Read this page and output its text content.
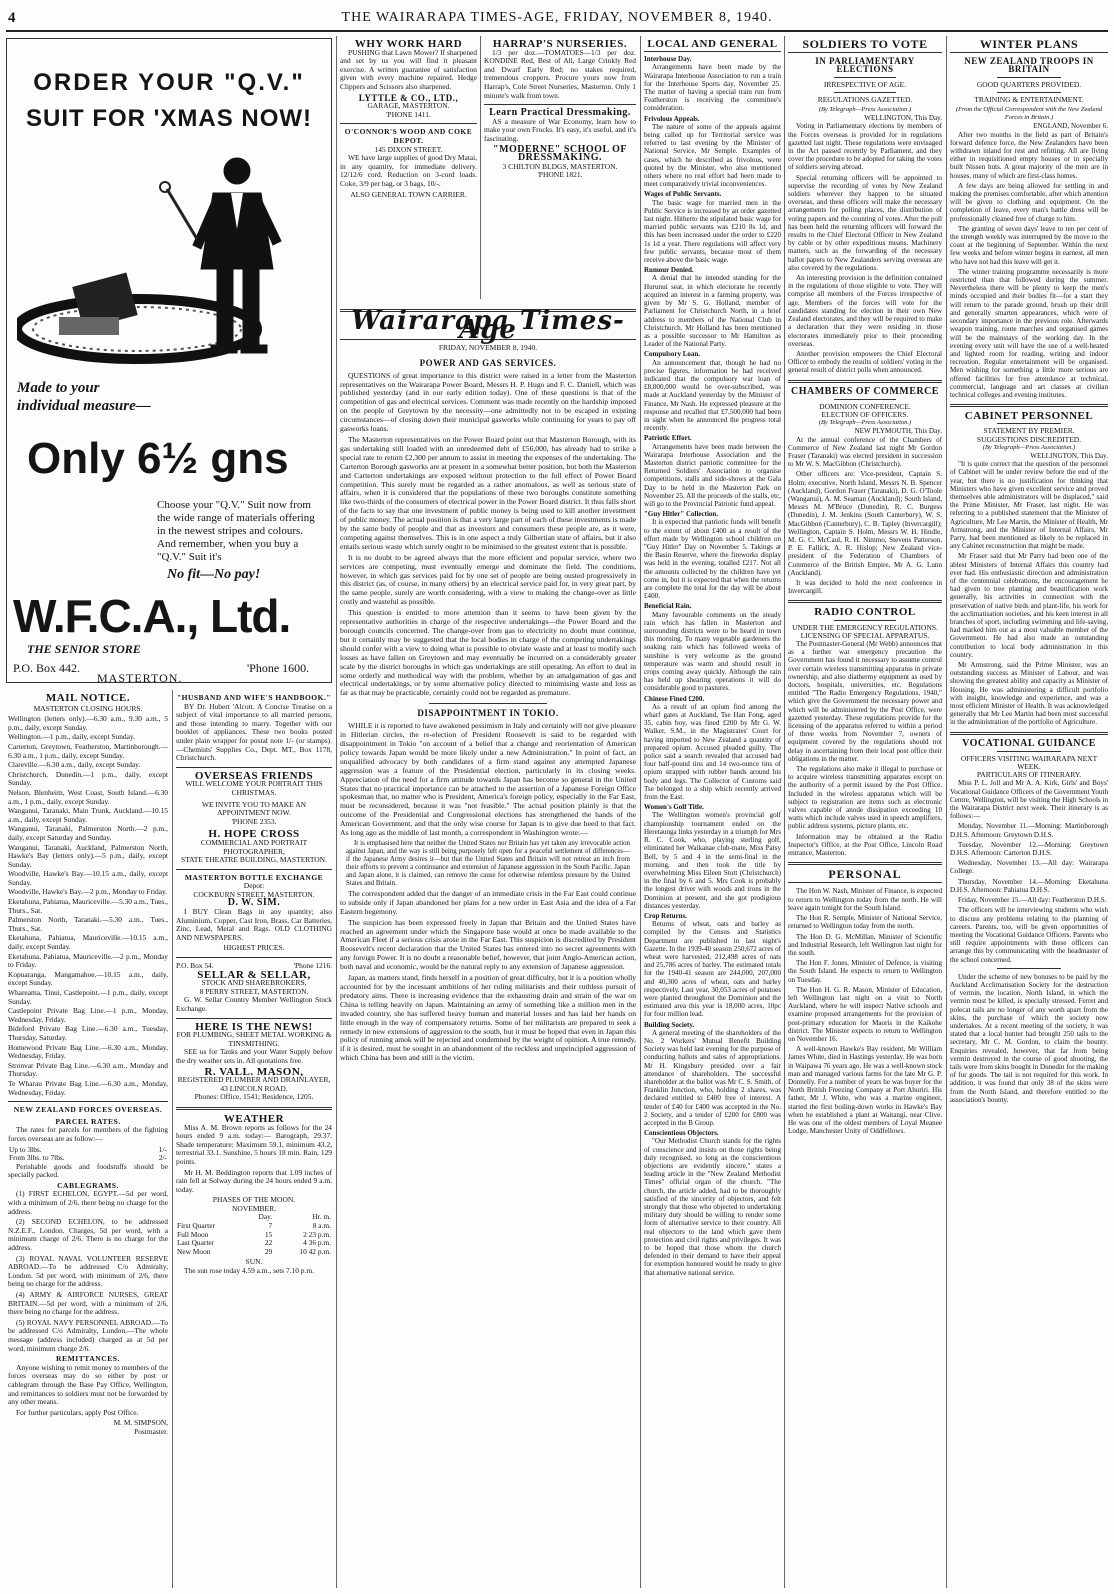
4	THE WAIRARAPA TIMES-AGE, FRIDAY, NOVEMBER 8, 1940.
ORDER YOUR "Q.V."
SUIT FOR 'XMAS NOW!
Made to your individual measure—
Only 6½ gns
Choose your "Q.V." Suit now from the wide range of materials offering in the newest stripes and colours. And remember, when you buy a "Q.V." Suit it's
No fit—No pay!
W.F.C.A., Ltd.
THE SENIOR STORE
P.O. Box 442.	'Phone 1600.
MASTERTON.
MAIL NOTICE.
MASTERTON CLOSING HOURS.

Wellington (letters only).—6.30 a.m., 9.30 a.m., 5 p.m., daily, except Sunday.

Wellington.—1 p.m., daily, except Sunday.

Carterton, Greytown, Featherston, Martinborough.—6.30 a.m., 1 p.m., daily, except Sunday.

Clareville.—6.30 a.m., daily, except Sunday.

Christchurch, Dunedin.—1 p.m., daily, except Sunday.

Nelson, Blenheim, West Coast, South Island.—6.30 a.m., 1 p.m., daily, except Sunday.

Wanganui, Taranaki, Main Trunk, Auckland.—10.15 a.m., daily, except Sunday.

Wanganui, Taranaki, Palmerston North.—2 p.m., daily, except Saturday and Sunday.

Wanganui, Taranaki, Auckland, Palmerston North, Hawke's Bay (letters only).—5 p.m., daily, except Sunday.

Woodville, Hawke's Bay.—10.15 a.m., daily, except Sunday.

Woodville, Hawke's Bay.—2 p.m., Monday to Friday.

Eketahuna, Pahiatua, Mauriceville.—5.30 a.m., Tues., Thurs., Sat.

Palmerston North, Taranaki.—5.30 a.m., Tues., Thurs., Sat.

Eketahuna, Pahiatua, Mauriceville.—10.15 a.m., daily, except Sunday.

Eketahuna, Pahiatua, Mauriceville.—2 p.m., Monday to Friday.

Kopuaranga, Mangamahoe.—10.15 a.m., daily, except Sunday.

Whareama, Tinui, Castlepoint.—1 p.m., daily, except Sunday.

Castlepoint Private Bag Line.—1 p.m., Monday, Wednesday, Friday.

Bideford Private Bag Line.—6.30 a.m., Tuesday, Thursday, Saturday.

Homewood Private Bag Line.—6.30 a.m., Monday, Wednesday, Friday.

Stronvar Private Bag Line.—6.30 a.m., Monday and Thursday.

Te Wharau Private Bag Line.—6.30 a.m., Monday, Wednesday, Friday.

NEW ZEALAND FORCES OVERSEAS.
PARCEL RATES.

The rates for parcels for members of the fighting forces overseas are as follow:—

Up to 3lbs.	1/-
From 3lbs. to 7lbs.	2/-

Perishable goods and foodstuffs should be specially packed.

CABLEGRAMS.

(1) FIRST ECHELON, EGYPT.—5d per word, with a minimum of 2/6, there being no charge for the address.

(2) SECOND ECHELON, to be addressed N.Z.E.F., London. Charges, 5d per word, with a minimum charge of 2/6. There is no charge for the address.

(3) ROYAL NAVAL VOLUNTEER RESERVE ABROAD.—To be addressed C/o Admiralty, London. 5d per word, with minimum of 2/6, there being no charge for the address.

(4) ARMY & AIRFORCE NURSES, GREAT BRITAIN.—5d per word, with a minimum of 2/6, there being no charge for the address.

(5) ROYAL NAVY PERSONNEL ABROAD.—To be addressed C/o Admiralty, London.—The whole message (address included) charged as at 5d per word, minimum charge 2/6.

REMITTANCES.

Anyone wishing to remit money to members of the forces overseas may do so either by post or cablegram through the Base Pay Office, Wellington, and remittances to soldiers must not be forwarded by any other means.

For further particulars, apply Post Office.

M. M. SIMPSON,
Postmaster.
"HUSBAND AND WIFE'S HANDBOOK."

BY Dr. Hubert 'Alcott. A Concise Treatise on a subject of vital importance to all married persons, and those intending to marry. Together with our booklet of appliances. These two books posted under plain wrapper for postal note 1/- (or stamps).—Chemists' Supplies Co., Dept. MT., Box 1178, Christchurch.

OVERSEAS FRIENDS
WILL WELCOME YOUR PORTRAIT THIS CHRISTMAS.
WE INVITE YOU TO MAKE AN APPOINTMENT NOW.
'PHONE 2353.
H. HOPE CROSS
COMMERCIAL AND PORTRAIT PHOTOGRAPHER,
STATE THEATRE BUILDING, MASTERTON.
MASTERTON BOTTLE EXCHANGE
Depot:
COCKBURN STREET, MASTERTON.
D. W. SIM.

I BUY Clean Bags in any quantity; also Aluminium, Copper, Cast Iron, Brass, Car Batteries, Zinc, Lead, Metal and Rags. OLD CLOTHING AND NEWSPAPERS.

HIGHEST PRICES.
P.O. Box 54.	'Phone 1216.
SELLAR & SELLAR,
STOCK AND SHAREBROKERS,
8 PERRY STREET, MASTERTON.

G. W. Sellar Country Member Wellington Stock Exchange.

HERE IS THE NEWS!
FOR PLUMBING, SHEET METAL WORKING & TINSMITHING.

SEE us for Tanks and your Water Supply before the dry weather sets in. All quotations free.

R. VALL. MASON,
REGISTERED PLUMBER AND DRAINLAYER,
43 LINCOLN ROAD.
Phones: Office, 1541; Residence, 1205.
WEATHER

Miss A. M. Brown reports as follows for the 24 hours ended 9 a.m. today:— Barograph, 29.37. Shade temperature: Maximum 59.1, minimum 43.2, terrestrial 33.1. Sunshine, 5 hours 18 min. Rain, 129 points.

Mr H. M. Beddington reports that 1.09 inches of rain fell at Solway during the 24 hours ended 9 a.m. today.

PHASES OF THE MOON.
NOVEMBER.
	Day.	Hr. m.
First Quarter	7	8 a.m.
Full Moon	15	2 23 p.m.
Last Quarter	22	4 36 p.m.
New Moon	29	10 42 p.m.
SUN.

The sun rose today 4.59 a.m., sets 7.10 p.m.

WHY WORK HARD

PUSHING that Lawn Mower? If sharpened and set by us you will find it pleasant exercise. A written guarantee of satisfaction given with every machine repaired. Hedge Clippers and Scissors also sharpened.

LYTTLE & CO., LTD.,
GARAGE, MASTERTON.
'PHONE 1411.
O'CONNOR'S WOOD AND COKE DEPOT.
145 DIXON STREET.

WE have large supplies of good Dry Matai, in any quantity, for immediate delivery. 12/12/6 cord. Reduction on 3-cord loads. Coke, 3/9 per bag, or 3 bags, 10/-.

ALSO GENERAL TOWN CARRIER.
HARRAP'S NURSERIES.

1/3 per doz.—TOMATOES—1/3 per doz. KONDINE Red, Best of All, Large Crinkly Red and Dwarf Early Red; no stakes required, tremendous croppers. Procure yours now from Harrap's, Cole Street Nurseries, Masterton. Only 1 minute's walk from town.

Learn Practical Dressmaking.

AS a measure of War Economy, learn how to make your own Frocks. It's easy, it's useful, and it's fascinating.

"MODERNE" SCHOOL OF DRESSMAKING.
3 CHILTON BLDGS, MASTERTON.
'PHONE 1821.
Wairarapa Times-Age
FRIDAY, NOVEMBER 8, 1940.
POWER AND GAS SERVICES.

QUESTIONS of great importance to this district were raised in a letter from the Masterton representatives on the Wairarapa Power Board, Messrs H. P. Hugo and F. C. Daniell, which was published yesterday (and in our early edition today). One of these questions is that of the competition of gas and electrical services. Comment was made recently on the hardship imposed on the people of Greytown by the necessity—one admittedly not to be escaped in existing circumstances—of closing down their municipal gasworks while continuing for years to pay off gasworks loans.

The Masterton representatives on the Power Board point out that Masterton Borough, with its gas undertaking still loaded with an unredeemed debt of £56,000, has already had to strike a special rate to return £2,300 per annum to assist in meeting the expenses of the undertaking. The Carterton Borough gasworks are at present in a somewhat better position, but both the Masterton and Carterton undertakings are exposed without protection to the full effect of Power Board competition. This surely must be regarded as a rather anomalous, as well as serious state of affairs, when it is considered that the populations of these two boroughs constitute something like two-thirds of the consumers of electrical power in the Power Board district. It thus falls short of the facts to say that one investment of public money is being used to kill another investment of public money. The actual position is that a very large part of each of these investments is made by the same body of people and that as investors and consumers these people are, as it were, competing against themselves. This is in one aspect a truly Gilbertian state of affairs, but it also entails serious waste which surely ought to be minimised to the greatest extent that is possible.

It is no doubt to be agreed always that the more efficient and popular service, where two services are competing, must eventually emerge and dominate the field. The conditions, however, in which gas services paid for by one set of people are being ousted progressively in this district (as, of course, in many others) by an electrical service paid for, in very great part, by the same people, surely are worth considering, with a view to making the change-over as little costly and wasteful as possible.

This question is entitled to more attention than it seems to have been given by the representative authorities in charge of the respective undertakings—the Power Board and the borough councils concerned. The change-over from gas to electricity no doubt must continue, but it certainly may be suggested that the local bodies in charge of the competing undertakings should confer with a view to doing what is possible to obviate waste and at least to modify such losses as have fallen on Greytown and may eventually be incurred on a considerably greater scale by the district boroughs in which gas undertakings are still operating. An effort to deal in some orderly and methodical way with the problem, whether by an amalgamation of gas and electrical undertakings, or by some alternative policy directed to minimising waste and loss as far as that may be practicable, certainly could not be regarded as premature.

DISAPPOINTMENT IN TOKIO.

WHILE it is reported to have awakened pessimism in Italy and certainly will not give pleasure in Hitlerian circles, the re-election of President Roosevelt is said to be regarded with disappointment in Tokio "on account of a belief that a change and reorientation of American policy towards Japan would be more likely under a new Administration." In point of fact, an unqualified advocacy by both candidates of a firm stand against any attempted Japanese aggression was a feature of the Presidential election, particularly in its closing weeks. Appreciation of the need for a firm attitude towards Japan has become so general in the United States that no practical importance can be attached to the assertion of a Japanese Foreign Office spokesman that, no matter who is President, America's foreign policy, especially in the Far East, must be reconsidered, because it was "not feasible." The actual position plainly is that the outcome of the Presidential and Congressional elections has strengthened the hands of the American Government, and that the only wise course for Japan is to give due heed to that fact. As long ago as the middle of last month, a correspondent in Washington wrote:—

It is emphasised here that neither the United States nor Britain has yet taken any irrevocable action against Japan, and the way is still being purposely left open for a peaceful settlement of differences—if the Japanese Army desires it—but that the United States and Britain will not retreat an inch from their efforts to prevent a continuance and extension of Japanese aggression in the South Pacific. Japan and Japan alone, it is claimed, can remove the cause for otherwise relentless pressure by the United States and Britain.

The correspondent added that the danger of an immediate crisis in the Far East could continue to subside only if Japan abandoned her plans for a new order in East Asia and the idea of a Far Eastern hegemony.

The suspicion has been expressed freely in Japan that Britain and the United States have reached an agreement under which the Singapore base would at once be made available to the American Fleet if a serious crisis arose in the Far East. This suspicion is discredited by President Roosevelt's recent declaration that the United States has entered into no secret agreements with any foreign Power. It is no doubt a reasonable belief, however, that joint Anglo-American action, both naval and economic, would be the natural reply to any extension of Japanese aggression.

Japan, as matters stand, finds herself in a position of great difficulty, but it is a position wholly accounted for by the incessant ambitions of her ruling militarists and their ruthless pursuit of predatory aims. There is increasing evidence that the exhausting drain and strain of the war on China is telling heavily on Japan. Maintaining an army of something like a million men in the invaded country, she has suffered heavy human and material losses and has laid her hands on little enough in the way of compensatory returns. Some of her militarists are prepared to seek a remedy in new extensions of aggression to the south, but it must be hoped that even in Japan this policy of running amok will be rejected and condemned by the weight of opinion. A true remedy, if it is desired, must be sought in an abandonment of the reckless and unprincipled aggression of which China has been and still is the victim.

LOCAL AND GENERAL
Interhouse Day.

Arrangements have been made by the Wairarapa Interhouse Association to run a train for the Interhouse Sports day, November 25. The matter of having a special train run from Featherston is receiving the committee's consideration.

Frivolous Appeals.

The nature of some of the appeals against being called up for Territorial service was referred to last evening by the Minister of National Service, Mr Semple. Examples of cases, which he described as frivolous, were quoted by the Minister, who also mentioned others where no real effort had been made to meet comparatively trivial inconveniences.

Wages of Public Servants.

The basic wage for married men in the Public Service is increased by an order gazetted last night. Hitherto the stipulated basic wage for married public servants was £210 8s 1d, and this has been increased under the order to £220 1s 1d a year. There regulations will affect very few public servants, because most of them receive above the basic wage.

Rumour Denied.

A denial that he intended standing for the Hurunui seat, in which electorate he recently acquired an interest in a farming property, was given by Mr S. G. Holland, member of Parliament for Christchurch North, in a brief address to members of the National Club in Christchurch. Mr Holland has been mentioned as a possible successor to Mr Hamilton as Leader of the National Party.

Compulsory Loan.

An announcement that, though he had no precise figures, information he had received indicated that the compulsory war loan of £8,000,000 would be over-subscribed, was made at Auckland yesterday by the Minister of Finance, Mr Nash. He expressed pleasure at the response and recalled that £7,500,000 had been in sight when he announced the progress total recently.

Patriotic Effort.

Arrangements have been made between the Wairarapa Interhouse Association and the Masterton district patriotic committee for the Returned Soldiers' Association to organise competitions, stalls and side-shows at the Gala Day to be held in the Masterton Park on November 25. All the proceeds of the stalls, etc, will go to the Provincial Patriotic fund appeal.

"Guy Hitler" Collection.

It is expected that patriotic funds will benefit to the extent of about £400 as a result of the effort made by Wellington school children on "Guy Hitler" Day on November 5. Takings at the Basin Reserve, where the fireworks display was held in the evening, totalled £217. Not all the amounts collected by the children have yet come in, but it is expected that when the returns are complete the total for the day will be about £400.

Beneficial Rain.

Many favourable comments on the steady rain which has fallen in Masterton and surrounding districts were to be heard in town this morning. To many vegetable gardeners the soaking rain which has followed weeks of sunshine is very welcome as the ground temperature was warm and should result in crops coming away quickly. Although the rain has held up shearing operations it will do considerable good to pastures.

Chinese Fined £200.

As a result of an opium find among the wharf gates at Auckland, Tse Han Fong, aged 35, cabin boy, was fined £200 by Mr G. W. Walker, S.M., in the Magistrates' Court for having imported to New Zealand a quantity of prepared opium. Accused pleaded guilty. The police said a search revealed that accused had four half-pound tins and 14 two-ounce tins of opium strapped with rubber bands around his body and legs. The Collector of Customs said Tse belonged to a ship which recently arrived from the East.

Women's Golf Title.

The Wellington women's provincial golf championship tournament ended on the Heretaunga links yesterday in a triumph for Mrs R. C. Cook, who, playing sterling golf, eliminated her Waikanae club-mate, Miss Patsy Bell, by 5 and 4 in the semi-final in the morning, and then took the title by overwhelming Miss Eileen Stott (Christchurch) in the final by 6 and 5. Mrs Cook is probably the longest driver with woods and irons in the Dominion at present, and she got prodigious distances yesterday.

Crop Returns.

Returns of wheat, oats and barley as compiled by the Census and Statistics Department are published in last night's Gazette. In the 1939-40 season 250,672 acres of wheat were harvested, 212,498 acres of oats and 25,786 acres of barley. The estimated totals for the 1940-41 season are 244,000, 207,000 and 40,300 acres of wheat, oats and barley respectively. Last year, 30,053 acres of potatoes were planted throughout the Dominion and the estimated area this year is 18,000 acres, 10pc for four million lead.

Building Society.

A general meeting of the shareholders of the No. 2 Workers' Mutual Benefit Building Society was held last evening for the purpose of conducting ballots and sales of appropriations. Mr H. Kingsbury presided over a fair attendance of shareholders. The successful shareholder at the ballot was Mr C. S. Smith, of Franklin Junction, who, holding 2 shares, was declared entitled to £400 free of interest. A tender of £40 for £400 was accepted in the No. 2 Society, and a tender of £200 for £800 was accepted in the B Group.

Conscientious Objectors.

"Our Methodist Church stands for the rights of conscience and insists on those rights being duly recognised, so long as the conscientious objections are evidently sincere," states a leading article in the "New Zealand Methodist Times" official organ of the church. "The church, the article added, had to be thoroughly satisfied of the sincerity of objectors, and felt strongly that those who objected to undertaking military duty should be willing to render some form of alternative service to their country. All real objectors to the land which gave them protection and civil rights and privileges. It was to be hoped that those whom the church defended in their demand to have their appeal for exemption honoured would be ready to give that alternative national service.

SOLDIERS TO VOTE
IN PARLIAMENTARY ELECTIONS
IRRESPECTIVE OF AGE.
REGULATIONS GAZETTED.
(By Telegraph—Press Association.)
WELLINGTON, This Day.

Voting in Parliamentary elections by members of the Forces overseas is provided for in regulations gazetted last night. These regulations were envisaged in the Act passed recently by Parliament, and they cover the procedure to be adopted for taking the votes of soldiers serving abroad.

Special returning officers will be appointed to supervise the recording of votes by New Zealand soldiers wherever they happen to be situated overseas, and these officers will make the necessary arrangements for polling places, the distribution of voting papers and the counting of votes. After the poll has been held the returning officers will forward the results to the Chief Electoral Officer in New Zealand by cable or by other expeditious means. Machinery matters, such as the forwarding of the necessary ballot papers to New Zealanders serving overseas are also covered by the regulations.

An interesting provision is the definition contained in the regulations of those eligible to vote. They will comprise all members of the Forces irrespective of age. Members of the forces will vote for the candidates standing for election in their own New Zealand electorates, and they will be required to make a declaration that they were residing in those electorates immediately prior to their proceeding overseas.

Another provision empowers the Chief Electoral Officer to embody the results of soldiers' voting in the general result of district polls when announced.

CHAMBERS OF COMMERCE
DOMINION CONFERENCE.
ELECTION OF OFFICERS.
(By Telegraph—Press Association.)
NEW PLYMOUTH, This Day.

At the annual conference of the Chambers of Commerce of New Zealand last night Mr Gordon Fraser (Taranaki) was elected president in succession to Mr W. S. MacGibbon (Christchurch).

Other officers are: Vice-president, Captain S. Holm; executive, North Island, Messrs N. B. Spencer (Auckland), Gordon Fraser (Taranaki), D. G. O'Toole (Wanganui), A. M. Seaman (Auckland); South Island, Messrs M. M'Bruce (Dunedin), R. C. Burgess (Dunedin), J. M. Jenkins (South Canterbury), W. S. MacGibbon (Canterbury), C. B. Tapley (Invercargill); Wellington, Captain S. Holm, Messrs W. H. Hindle, M. G. C. McCaul, R. H. Nimmo, Stevens Patterson, P. E. Fallick, A. R. Hislop; New Zealand vice-president of the Federation of Chambers of Commerce of the British Empire, Mr A. G. Lunn (Auckland).

It was decided to hold the next conference in Invercargill.

RADIO CONTROL
UNDER THE EMERGENCY REGULATIONS.
LICENSING OF SPECIAL APPARATUS.

The Postmaster-General (Mr Webb) announces that as a further war emergency precaution the Government has found it necessary to assume control over certain wireless transmitting apparatus in private ownership, and also diathermy equipment as used by doctors, hospitals, universities, etc. Regulations entitled "The Radio Emergency Regulations, 1940," which give the Government the necessary power and which will be administered by the Post Office, were gazetted yesterday. These regulations provide for the licensing of the apparatus referred to within a period of three weeks from November 7, owners of equipment covered by the regulations should not delay in ascertaining from their local post office their obligations in the matter.

The regulations also make it illegal to purchase or to acquire wireless transmitting apparatus except on the authority of a permit issued by the Post Office. Included in the wireless apparatus which will be subject to registration are items such as electronic valves capable of anode dissipation exceeding 10 watts which include valves used in speech amplifiers, public address systems, picture plants, etc.

Information may be obtained at the Radio Inspector's Office, at the Post Office, Lincoln Road entrance, Masterton.

PERSONAL

The Hon W. Nash, Minister of Finance, is expected to return to Wellington today from the north. He will leave again tonight for the South Island.

The Hon R. Semple, Minister of National Service, returned to Wellington today from the north.

The Hon D. G. McMillan, Minister of Scientific and Industrial Research, left Wellington last night for the south.

The Hon F. Jones, Minister of Defence, is visiting the South Island. He expects to return to Wellington on Tuesday.

The Hon H. G. R. Mason, Minister of Education, left Wellington last night on a visit to North Auckland, where he will inspect Native schools and examine proposed arrangements for the provision of post-primary education for Maoris in the Kaikohe district. The Minister expects to return to Wellington on November 16.

A well-known Hawke's Bay resident, Mr William James White, died in Hastings yesterday. He was born in Waipawa 76 years ago. He was a well-known stock man and managed various farms for the late Mr G. P. Donnelly. For a number of years he was buyer for the North British Freezing Company at Port Ahuriri. His father, Mr J. White, who was a marine engineer, started the first boiling-down works in Hawke's Bay when he established a plant at Waitangi, near Clive. He was one of the oldest members of Loyal Meanee Lodge, Manchester Unity of Oddfellows.

WINTER PLANS
NEW ZEALAND TROOPS IN BRITAIN
GOOD QUARTERS PROVIDED.
TRAINING & ENTERTAINMENT.
(From the Official Correspondent with the New Zealand Forces in Britain.)
ENGLAND, November 6.

After two months in the field as part of Britain's forward defence force, the New Zealanders have been withdrawn inland for rest and refitting. All are living either in requisitioned empty houses or in specially built Nissen huts. A great majority of the men are in houses, many of which are first-class homes.

A few days are being allowed for settling in and making the premises comfortable, after which attention will be given to clothing and equipment. On the completion of leave, every man's battle dress will be professionally cleaned free of charge to him.

The granting of seven days' leave to ten per cent of the strength weekly was interrupted by the move to the coast at the beginning of September. Within the next few weeks and before winter begins in earnest, all men who have not had this leave will get it.

The winter training programme necessarily is more restricted than that followed during the summer. Nevertheless there will be plenty to keep the men's minds occupied and their bodies fit—for a start they will return to the parade ground, brush up their drill and generally smarten appearances, which were of secondary importance in the previous role. Afterwards weapon training, route marches and organised games will be the mainstays of the working day. In the evening every unit will have the use of a well-heated and lighted room for reading, writing and indoor recreation. Regular entertainment will be organised. Men wishing for something a little more serious are offered facilities for free attendance at technical, commercial, language and art classes at civilian technical colleges and evening institutes.

CABINET PERSONNEL
STATEMENT BY PREMIER.
SUGGESTIONS DISCREDITED.
(By Telegraph—Press Association.)
WELLINGTON, This Day.

"It is quite correct that the question of the personnel of Cabinet will be under review before the end of the year, but there is no justification for thinking that Ministers who have given excellent service and proved themselves able administrators will be displaced," said the Prime Minister, Mr Fraser, last night. He was referring to a published statement that the Minister of Agriculture, Mr Lee Martin, the Minister of Health, Mr Armstrong, and the Minister of Internal Affairs, Mr Parry, had been mentioned as likely to be replaced in any Cabinet reconstruction that might be made.

Mr Fraser said that Mr Parry had been one of the ablest Ministers of Internal Affairs this country had ever had. His enthusiastic direction and administration of the centennial celebrations, the encouragement he had given to tree planting and beautification work generally, his activities in connection with the preservation of native birds and plant-life, his work for the acclimatisation societies, and his keen interest in all branches of sport, including swimming and life-saving, had marked him out as a most valuable member of the Government. He had also made an outstanding contribution to local body administration in this country.

Mr Armstrong, said the Prime Minister, was an outstanding success as Minister of Labour, and was showing the greatest ability and capacity as Minister of Housing. He was administering a difficult portfolio with insight, knowledge and experience, and was a most efficient Minister of Health. It was acknowledged generally that Mr Lee Martin had been most successful in the administration of the portfolio of Agriculture.

VOCATIONAL GUIDANCE
OFFICERS VISITING WAIRARAPA NEXT WEEK.
PARTICULARS OF ITINERARY.

Miss P. L. Joll and Mr A. A. Kirk, Girls' and Boys' Vocational Guidance Officers of the Government Youth Centre, Wellington, will be visiting the High Schools in the Wairarapa District next week. Their itinerary is as follows:—

Monday, November 11.—Morning: Martinborough D.H.S. Afternoon: Greytown D.H.S.

Tuesday, November 12.—Morning: Greytown D.H.S. Afternoon: Carterton D.H.S.

Wednesday, November 13.—All day: Wairarapa College.

Thursday, November 14.—Morning: Eketahuna D.H.S. Afternoon: Pahiatua D.H.S.

Friday, November 15.—All day: Featherston D.H.S.

The officers will be interviewing students who wish to discuss any problems relating to the planning of careers. Parents, too, will be given opportunities of meeting the Vocational Guidance Officers. Parents who still require appointments with these officers can arrange this by communicating with the headmaster of the school concerned.

Under the scheme of new bonuses to be paid by the Auckland Acclimatisation Society for the destruction of vermin, the location, North Island, in which the vermin must be killed, is specially stressed. Ferret and polecat tails are no longer of any worth apart from the skins, the purchase of which the society now undertakes. At a recent meeting of the society, it was stated that a local hunter had brought 250 tails to the secretary, Mr C. M. Gordon, to claim the bounty. Enquiries revealed, however, that far from being vermin destroyed in the course of good shooting, the tails were from skins bought in Dunedin for the making of fur goods. The tail is not required for this work. In addition, it was found that only 38 of the skins were from the North Island, and therefore entitled to the association's bounty.
